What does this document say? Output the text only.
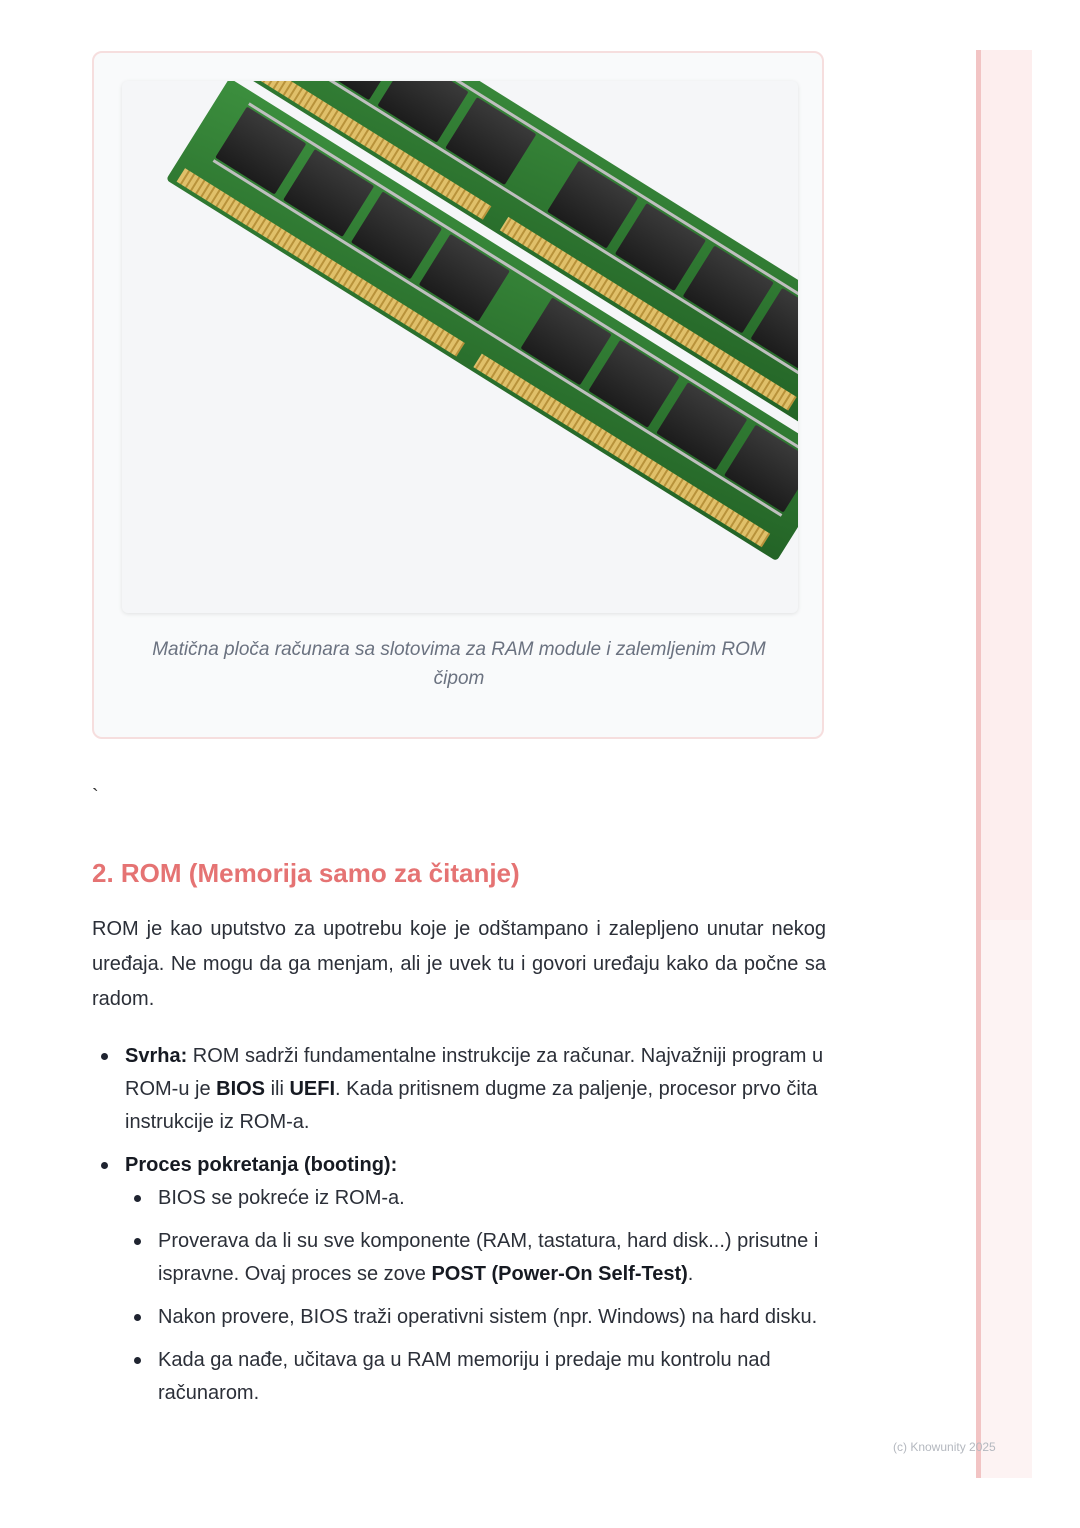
Matična ploča računara sa slotovima za RAM module i zalemljenim ROM čipom
`
2. ROM (Memorija samo za čitanje)

ROM je kao uputstvo za upotrebu koje je odštampano i zalepljeno unutar nekog uređaja. Ne mogu da ga menjam, ali je uvek tu i govori uređaju kako da počne sa radom.

Svrha: ROM sadrži fundamentalne instrukcije za računar. Najvažniji program u ROM-u je BIOS ili UEFI. Kada pritisnem dugme za paljenje, procesor prvo čita instrukcije iz ROM-a.
Proces pokretanja (booting):
BIOS se pokreće iz ROM-a.
Proverava da li su sve komponente (RAM, tastatura, hard disk...) prisutne i ispravne. Ovaj proces se zove POST (Power-On Self-Test).
Nakon provere, BIOS traži operativni sistem (npr. Windows) na hard disku.
Kada ga nađe, učitava ga u RAM memoriju i predaje mu kontrolu nad računarom.
(c) Knowunity 2025
